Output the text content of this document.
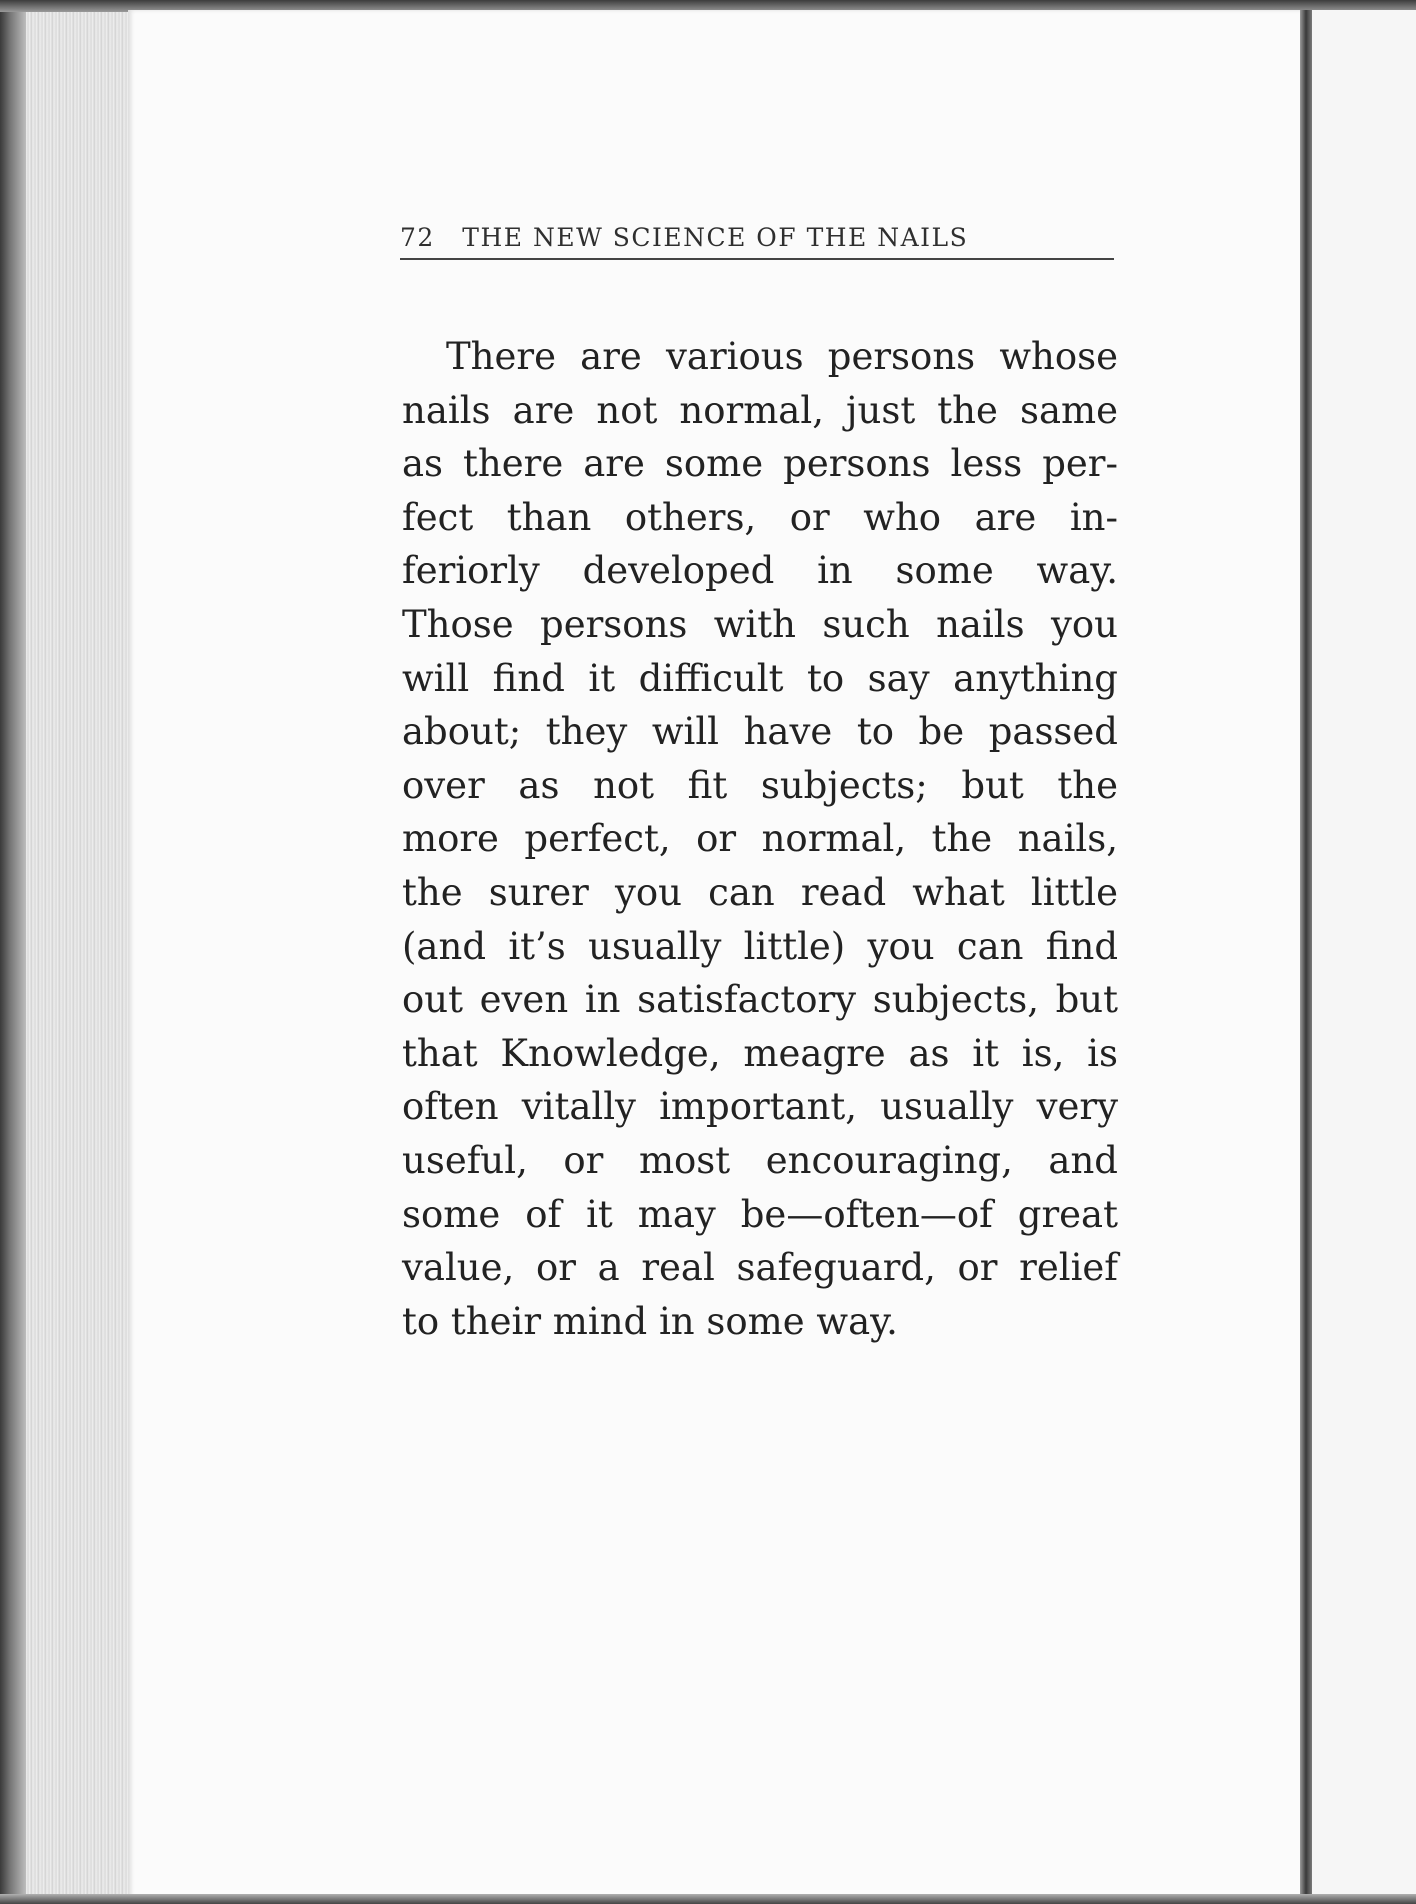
72 THE NEW SCIENCE OF THE NAILS
There are various persons whose
nails are not normal, just the same
as there are some persons less per-
fect than others, or who are in-
feriorly developed in some way.
Those persons with such nails you
will find it difficult to say anything
about; they will have to be passed
over as not fit subjects; but the
more perfect, or normal, the nails,
the surer you can read what little
(and it’s usually little) you can find
out even in satisfactory subjects, but
that Knowledge, meagre as it is, is
often vitally important, usually very
useful, or most encouraging, and
some of it may be—often—of great
value, or a real safeguard, or relief
to their mind in some way.
